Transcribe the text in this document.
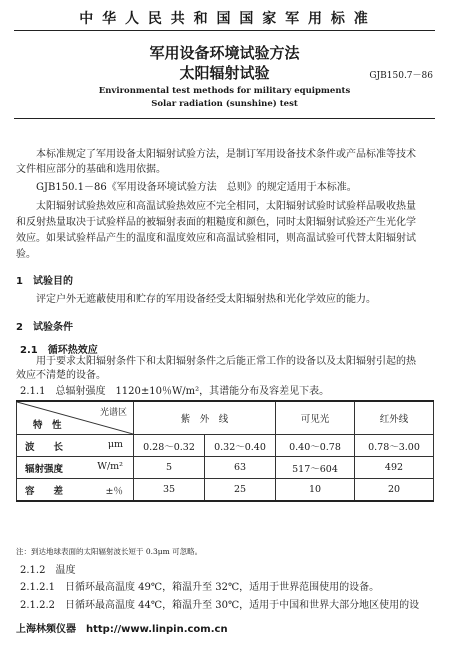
中 华 人 民 共 和 国 国 家 军 用 标 准
军用设备环境试验方法
太阳辐射试验	GJB150.7－86
Environmental test methods for military equipments
Solar radiation (sunshine) test
本标准规定了军用设备太阳辐射试验方法，是制订军用设备技术条件或产品标准等技术
文件相应部分的基础和选用依据。
GJB150.1－86《军用设备环境试验方法　总则》的规定适用于本标准。
太阳辐射试验热效应和高温试验热效应不完全相同，太阳辐射试验时试验样品吸收热量
和反射热量取决于试验样品的被辐射表面的粗糙度和颜色，同时太阳辐射试验还产生光化学
效应。如果试验样品产生的温度和温度效应和高温试验相同，则高温试验可代替太阳辐射试
验。
1　试验目的
评定户外无遮蔽使用和贮存的军用设备经受太阳辐射热和光化学效应的能力。
2　试验条件
2.1　循环热效应
用于要求太阳辐射条件下和太阳辐射条件之后能正常工作的设备以及太阳辐射引起的热
效应不清楚的设备。
光谱区
特　性	紫　外　线		可见光	红外线
波　　长 μm	0.28～0.32	0.32～0.40	0.40～0.78	0.78～3.00
辐射强度 W/m²	5	63	517～604	492
容　　差 ±％	35	25	10	20
2.1.1　总辐射强度　1120±10％W/m²，其谱能分布及容差见下表。
注：到达地球表面的太阳辐射波长短于 0.3μm 可忽略。
2.1.2　温度
2.1.2.1　日循环最高温度 49℃，箱温升至 32℃，适用于世界范围使用的设备。
2.1.2.2　日循环最高温度 44℃，箱温升至 30℃，适用于中国和世界大部分地区使用的设
上海林频仪器　http://www.linpin.com.cn
